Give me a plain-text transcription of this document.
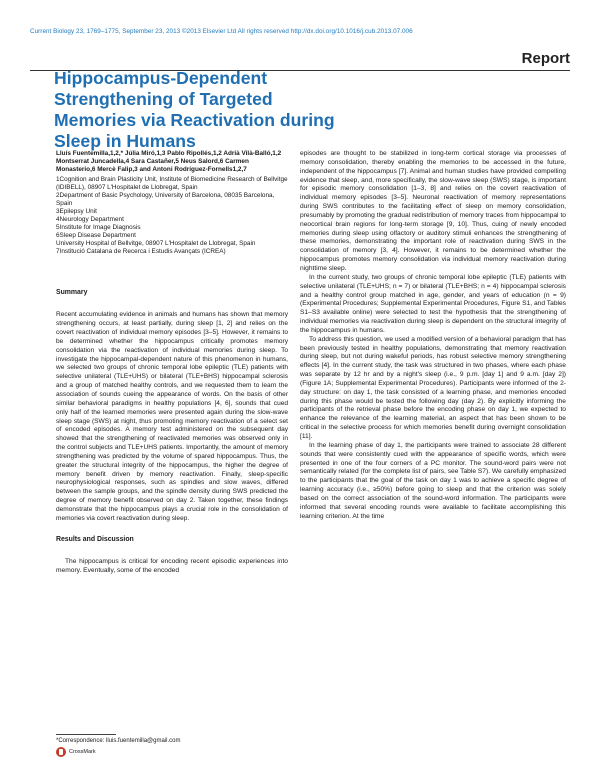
Current Biology 23, 1769–1775, September 23, 2013 ©2013 Elsevier Ltd All rights reserved http://dx.doi.org/10.1016/j.cub.2013.07.006
Report
Hippocampus-Dependent Strengthening of Targeted Memories via Reactivation during Sleep in Humans
Lluís Fuentemilla,1,2,* Júlia Miró,1,3 Pablo Ripollés,1,2 Adrià Vilà-Balló,1,2 Montserrat Juncadella,4 Sara Castañer,5 Neus Salord,6 Carmen Monasterio,6 Mercè Falip,3 and Antoni Rodríguez-Fornells1,2,7
1Cognition and Brain Plasticity Unit, Institute of Biomedicine Research of Bellvitge (IDIBELL), 08907 L'Hospitalet de Llobregat, Spain
2Department of Basic Psychology, University of Barcelona, 08035 Barcelona, Spain
3Epilepsy Unit
4Neurology Department
5Institute for Image Diagnosis
6Sleep Disease Department
University Hospital of Bellvitge, 08907 L'Hospitalet de Llobregat, Spain
7Institució Catalana de Recerca i Estudis Avançats (ICREA)
Summary

Recent accumulating evidence in animals and humans has shown that memory strengthening occurs, at least partially, during sleep [1, 2] and relies on the covert reactivation of individual memory episodes [3–5]. However, it remains to be determined whether the hippocampus critically promotes memory consolidation via the reactivation of individual memories during sleep. To investigate the hippocampal-dependent nature of this phenomenon in humans, we selected two groups of chronic temporal lobe epileptic (TLE) patients with selective unilateral (TLE+UHS) or bilateral (TLE+BHS) hippocampal sclerosis and a group of matched healthy controls, and we requested them to learn the association of sounds cueing the appearance of words. On the basis of other similar behavioral paradigms in healthy populations [4, 6], sounds that cued only half of the learned memories were presented again during the slow-wave sleep stage (SWS) at night, thus promoting memory reactivation of a select set of encoded episodes. A memory test administered on the subsequent day showed that the strengthening of reactivated memories was observed only in the control subjects and TLE+UHS patients. Importantly, the amount of memory strengthening was predicted by the volume of spared hippocampus. Thus, the greater the structural integrity of the hippocampus, the higher the degree of memory benefit driven by memory reactivation. Finally, sleep-specific neurophysiological responses, such as spindles and slow waves, differed between the sample groups, and the spindle density during SWS predicted the degree of memory benefit observed on day 2. Taken together, these findings demonstrate that the hippocampus plays a crucial role in the consolidation of memories via covert reactivation during sleep.

Results and Discussion

The hippocampus is critical for encoding recent episodic experiences into memory. Eventually, some of the encoded

*Correspondence: lluis.fuentemilla@gmail.com
CrossMark

episodes are thought to be stabilized in long-term cortical storage via processes of memory consolidation, thereby enabling the memories to be accessed in the future, independent of the hippocampus [7]. Animal and human studies have provided compelling evidence that sleep, and, more specifically, the slow-wave sleep (SWS) stage, is important for episodic memory consolidation [1–3, 8] and relies on the covert reactivation of individual memory episodes [3–5]. Neuronal reactivation of memory representations during SWS contributes to the facilitating effect of sleep on memory consolidation, presumably by promoting the gradual redistribution of memory traces from hippocampal to neocortical brain regions for long-term storage [9, 10]. Thus, cuing of newly encoded memories during sleep using olfactory or auditory stimuli enhances the strengthening of these memories, demonstrating the important role of reactivation during SWS in the consolidation of memory [3, 4]. However, it remains to be determined whether the hippocampus promotes memory consolidation via individual memory reactivation during nighttime sleep.

In the current study, two groups of chronic temporal lobe epileptic (TLE) patients with selective unilateral (TLE+UHS; n = 7) or bilateral (TLE+BHS; n = 4) hippocampal sclerosis and a healthy control group matched in age, gender, and years of education (n = 9) (Experimental Procedures; Supplemental Experimental Procedures, Figure S1, and Tables S1–S3 available online) were selected to test the hypothesis that the strengthening of individual memories via reactivation during sleep is dependent on the structural integrity of the hippocampus in humans.

To address this question, we used a modified version of a behavioral paradigm that has been previously tested in healthy populations, demonstrating that memory reactivation during sleep, but not during wakeful periods, has robust selective memory strengthening effects [4]. In the current study, the task was structured in two phases, where each phase was separate by 12 hr and by a night's sleep (i.e., 9 p.m. [day 1] and 9 a.m. [day 2]) (Figure 1A; Supplemental Experimental Procedures). Participants were informed of the 2-day structure: on day 1, the task consisted of a learning phase, and memories encoded during this phase would be tested the following day (day 2). By explicitly informing the participants of the retrieval phase before the encoding phase on day 1, we expected to enhance the relevance of the learning material, an aspect that has been shown to be critical in the selective process for which memories benefit during overnight consolidation [11].

In the learning phase of day 1, the participants were trained to associate 28 different sounds that were consistently cued with the appearance of specific words, which were presented in one of the four corners of a PC monitor. The sound-word pairs were not semantically related (for the complete list of pairs, see Table S7). We carefully emphasized to the participants that the goal of the task on day 1 was to achieve a specific degree of learning accuracy (i.e., ≥50%) before going to sleep and that the criterion was solely based on the correct association of the sound-word information. The participants were informed that several encoding rounds were available to facilitate accomplishing this learning criterion. At the time
